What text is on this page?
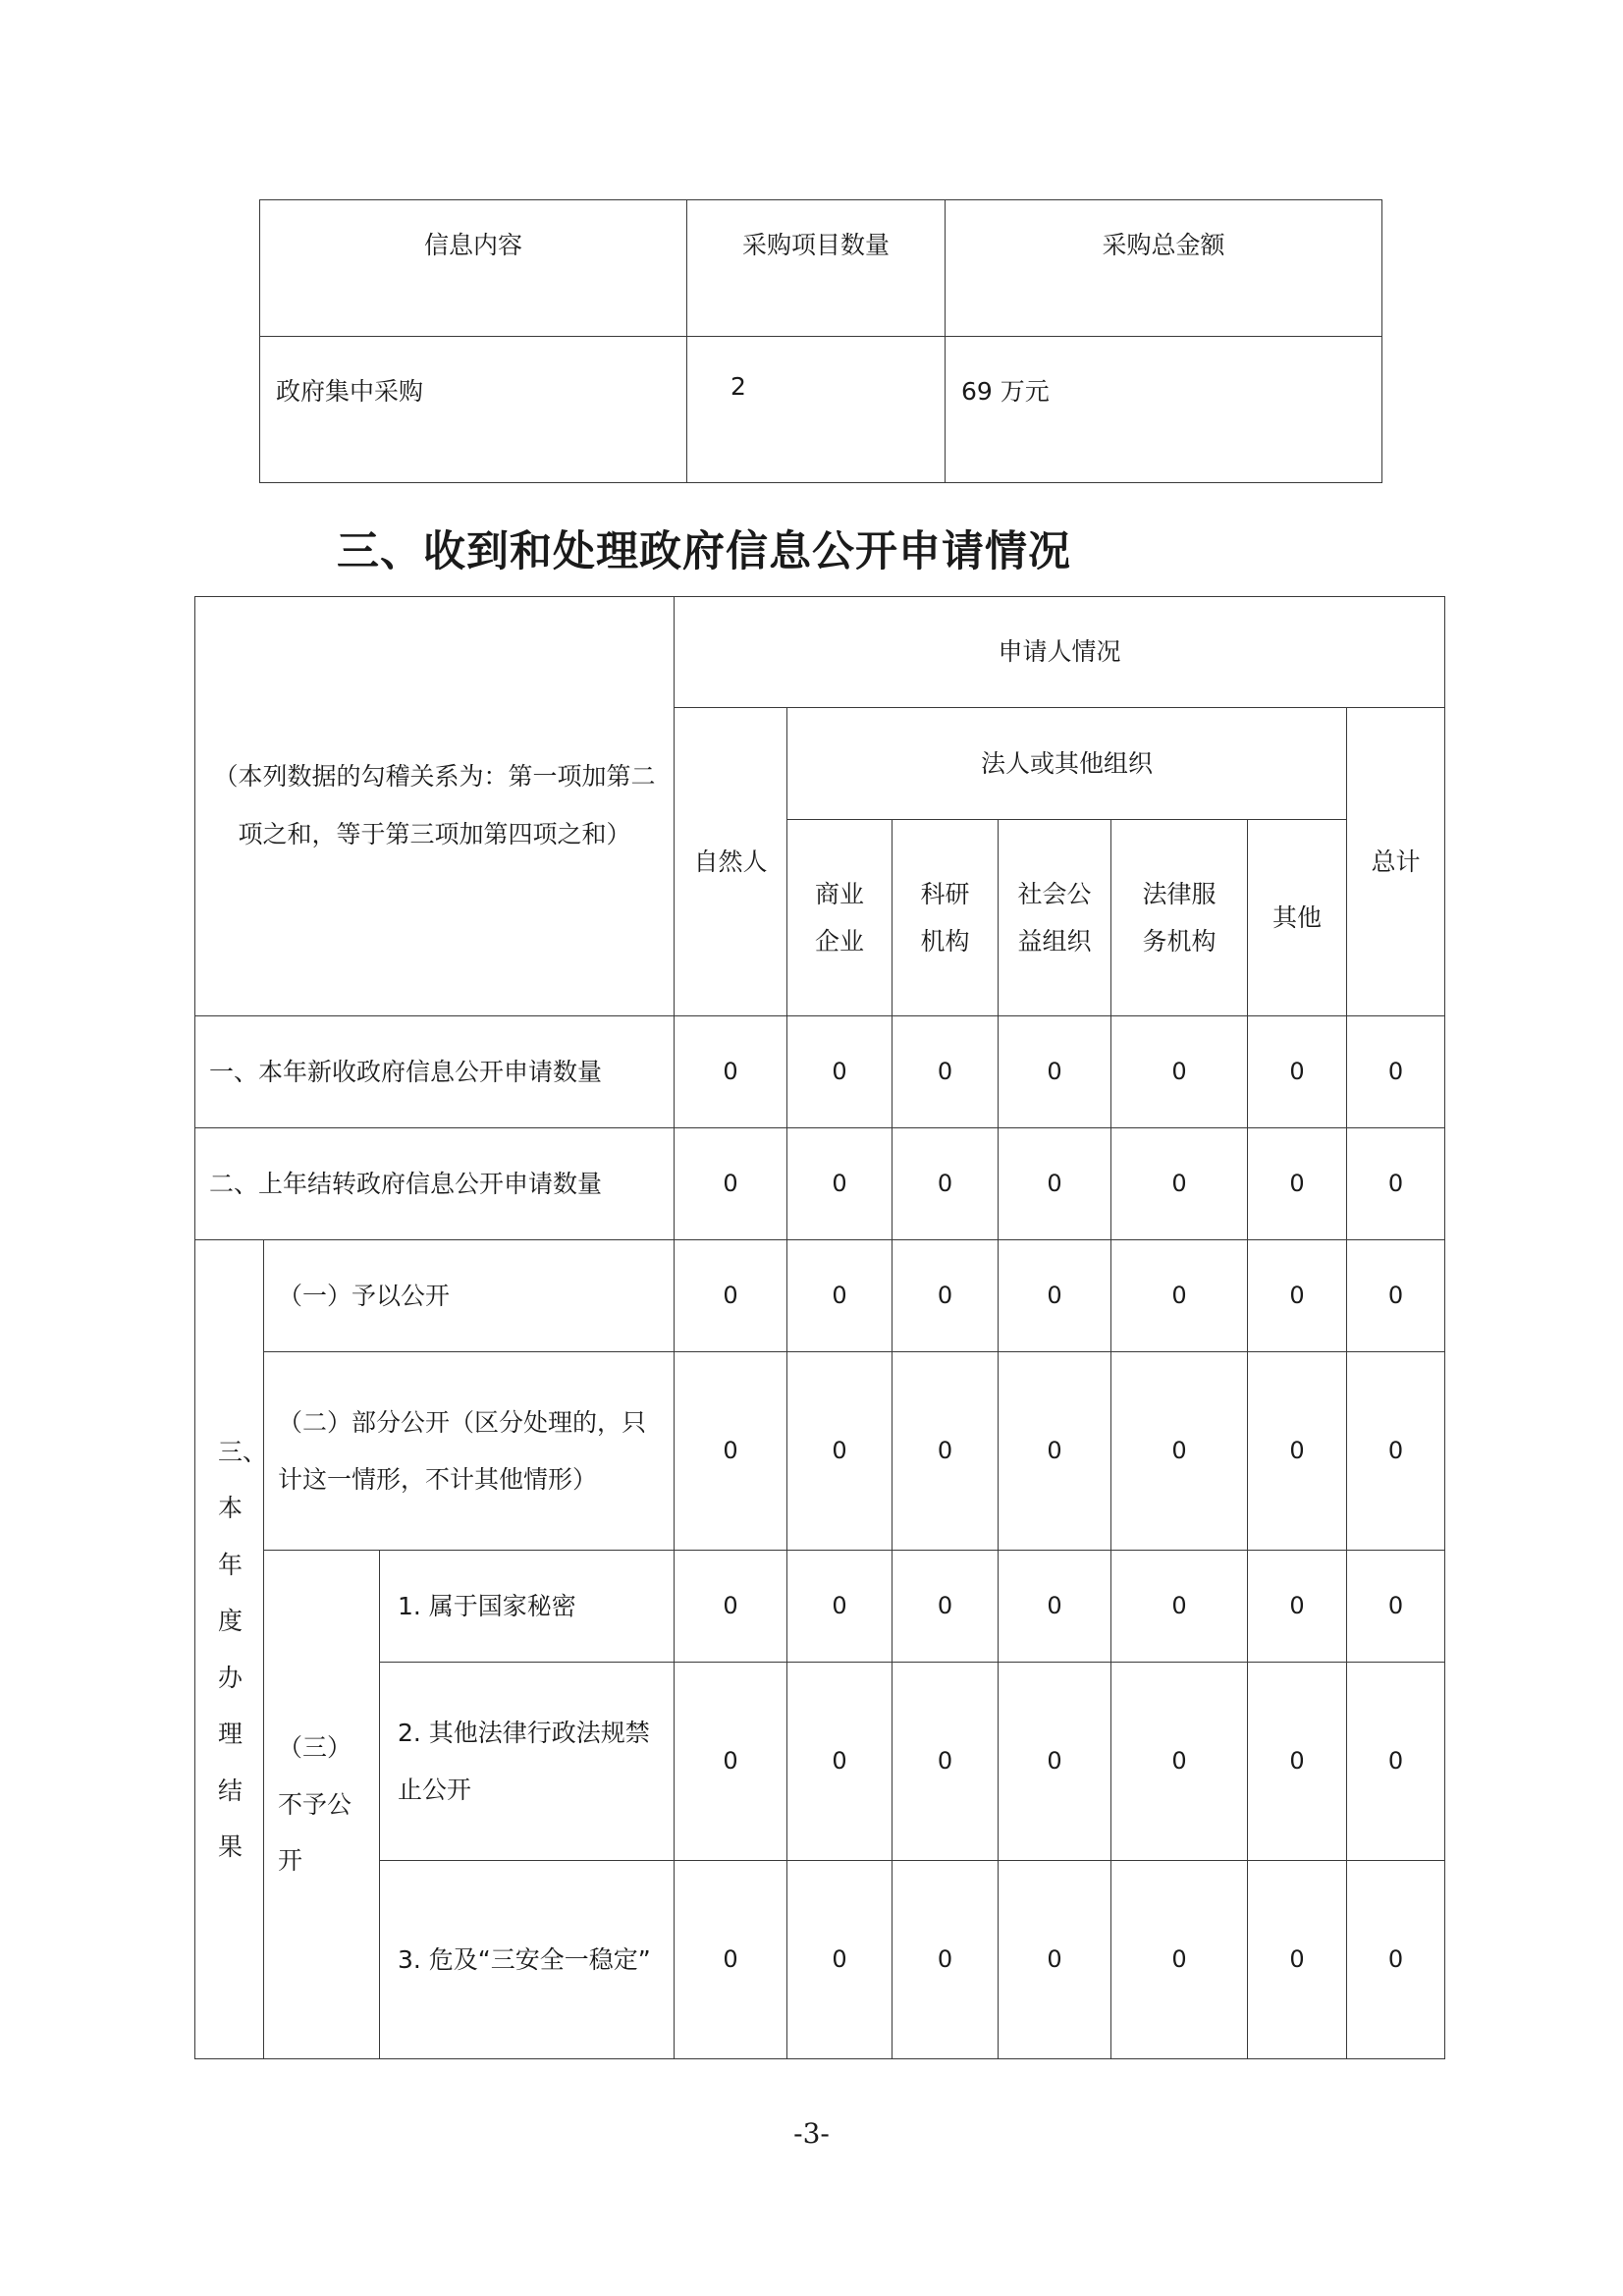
信息内容	采购项目数量	采购总金额
政府集中采购	2	69 万元
三、收到和处理政府信息公开申请情况
（本列数据的勾稽关系为：第一项加第二项之和，等于第三项加第四项之和）			申请人情况						
			自然人	法人或其他组织					总计
				商业企业	科研机构	社会公益组织	法律服务机构	其他	
一、本年新收政府信息公开申请数量			0	0	0	0	0	0	0
二、上年结转政府信息公开申请数量			0	0	0	0	0	0	0
三、本年度办理结果	（一）予以公开		0	0	0	0	0	0	0
	（二）部分公开（区分处理的，只计这一情形，不计其他情形）		0	0	0	0	0	0	0
	（三）不予公开	1. 属于国家秘密	0	0	0	0	0	0	0
		2. 其他法律行政法规禁止公开	0	0	0	0	0	0	0
		3. 危及“三安全一稳定”	0	0	0	0	0	0	0
-3-
